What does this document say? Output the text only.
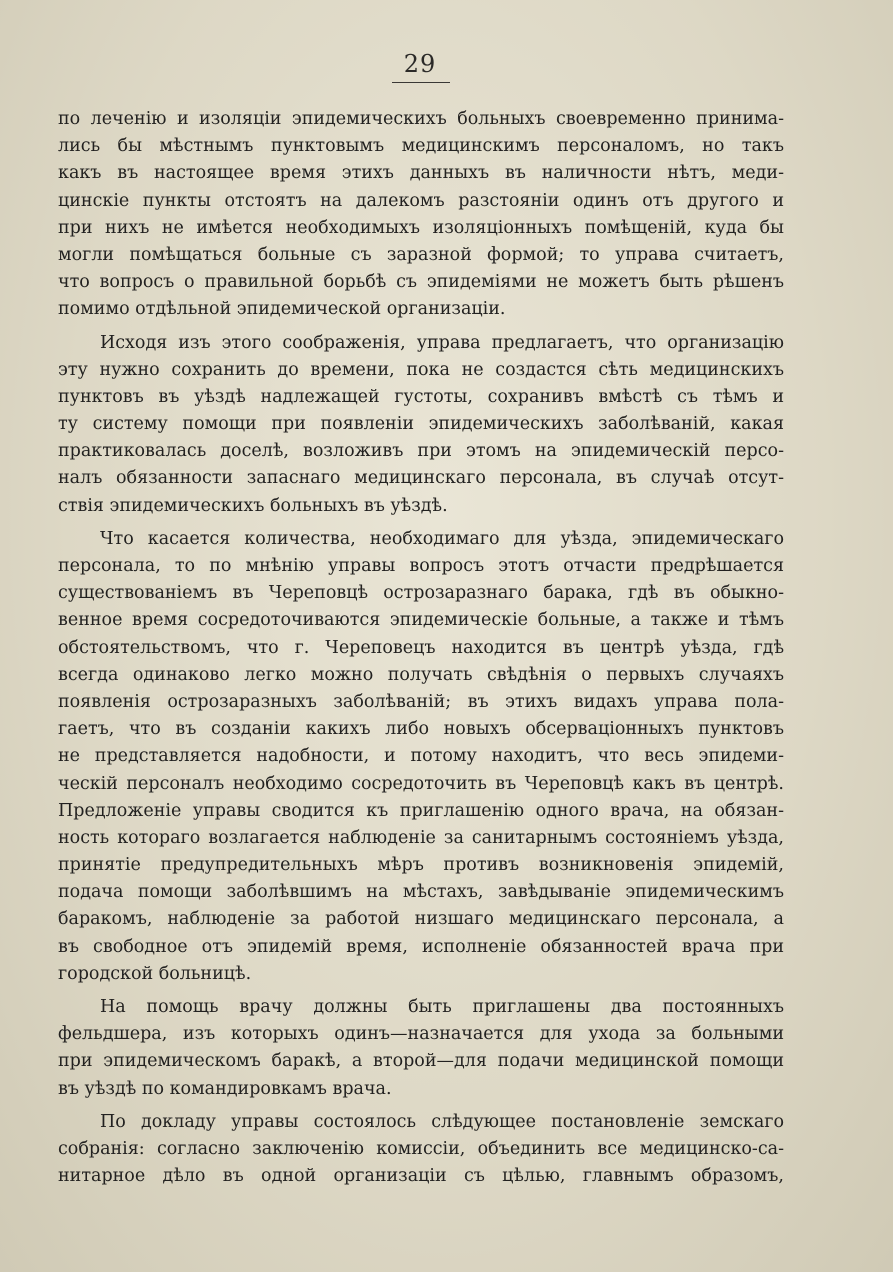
29
по леченію и изоляціи эпидемическихъ больныхъ своевременно принима-
лись бы мѣстнымъ пунктовымъ медицинскимъ персоналомъ, но такъ
какъ въ настоящее время этихъ данныхъ въ наличности нѣтъ, меди-
цинскіе пункты отстоятъ на далекомъ разстояніи одинъ отъ другого и
при нихъ не имѣется необходимыхъ изоляціонныхъ помѣщеній, куда бы
могли помѣщаться больные съ заразной формой; то управа считаетъ,
что вопросъ о правильной борьбѣ съ эпидеміями не можетъ быть рѣшенъ
помимо отдѣльной эпидемической организаціи.
Исходя изъ этого соображенія, управа предлагаетъ, что организацію
эту нужно сохранить до времени, пока не создастся сѣть медицинскихъ
пунктовъ въ уѣздѣ надлежащей густоты, сохранивъ вмѣстѣ съ тѣмъ и
ту систему помощи при появленіи эпидемическихъ заболѣваній, какая
практиковалась доселѣ, возложивъ при этомъ на эпидемическій персо-
налъ обязанности запаснаго медицинскаго персонала, въ случаѣ отсут-
ствія эпидемическихъ больныхъ въ уѣздѣ.
Что касается количества, необходимаго для уѣзда, эпидемическаго
персонала, то по мнѣнію управы вопросъ этотъ отчасти предрѣшается
существованіемъ въ Череповцѣ острозаразнаго барака, гдѣ въ обыкно-
венное время сосредоточиваются эпидемическіе больные, а также и тѣмъ
обстоятельствомъ, что г. Череповецъ находится въ центрѣ уѣзда, гдѣ
всегда одинаково легко можно получать свѣдѣнія о первыхъ случаяхъ
появленія острозаразныхъ заболѣваній; въ этихъ видахъ управа пола-
гаетъ, что въ созданіи какихъ либо новыхъ обсерваціонныхъ пунктовъ
не представляется надобности, и потому находитъ, что весь эпидеми-
ческій персоналъ необходимо сосредоточить въ Череповцѣ какъ въ центрѣ.
Предложеніе управы сводится къ приглашенію одного врача, на обязан-
ность котораго возлагается наблюденіе за санитарнымъ состояніемъ уѣзда,
принятіе предупредительныхъ мѣръ противъ возникновенія эпидемій,
подача помощи заболѣвшимъ на мѣстахъ, завѣдываніе эпидемическимъ
баракомъ, наблюденіе за работой низшаго медицинскаго персонала, а
въ свободное отъ эпидемій время, исполненіе обязанностей врача при
городской больницѣ.
На помощь врачу должны быть приглашены два постоянныхъ
фельдшера, изъ которыхъ одинъ—назначается для ухода за больными
при эпидемическомъ баракѣ, а второй—для подачи медицинской помощи
въ уѣздѣ по командировкамъ врача.
По докладу управы состоялось слѣдующее постановленіе земскаго
собранія: согласно заключенію комиссіи, объединить все медицинско-са-
нитарное дѣло въ одной организаціи съ цѣлью, главнымъ образомъ,
